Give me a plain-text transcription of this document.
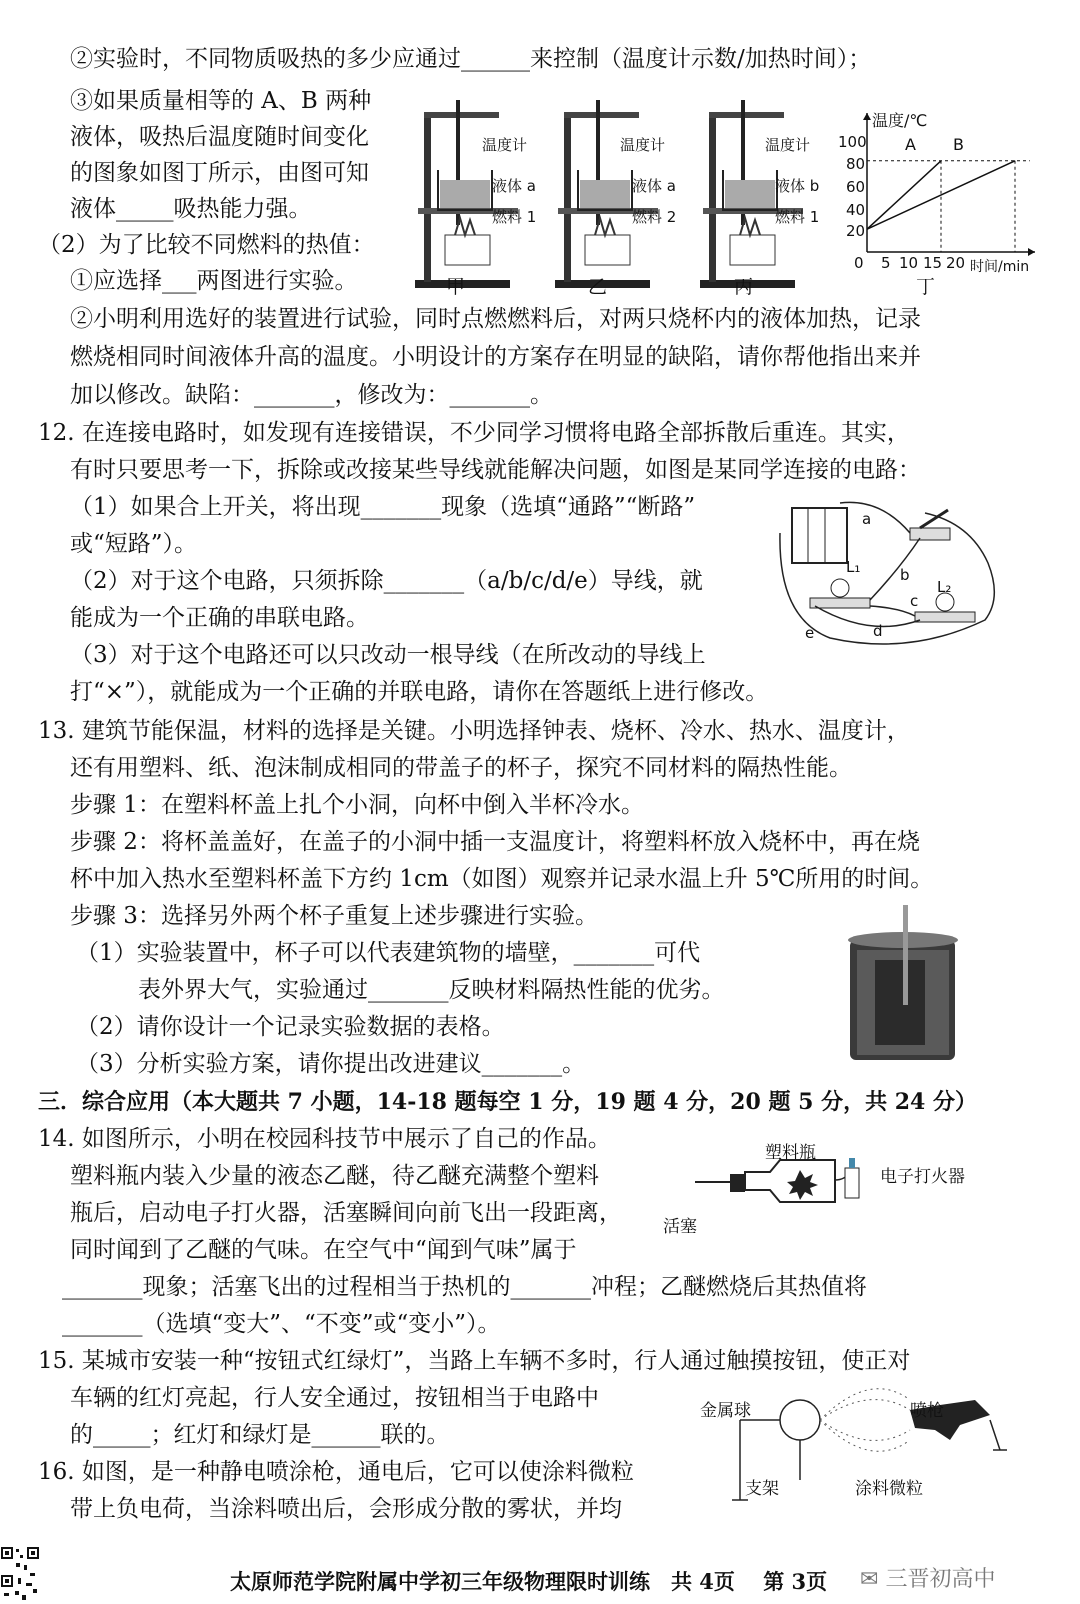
②实验时，不同物质吸热的多少应通过______来控制（温度计示数/加热时间）；
③如果质量相等的 A、B 两种
液体，吸热后温度随时间变化
的图象如图丁所示，由图可知
液体_____吸热能力强。
（2）为了比较不同燃料的热值：
①应选择___两图进行实验。
②小明利用选好的装置进行试验，同时点燃燃料后，对两只烧杯内的液体加热，记录
燃烧相同时间液体升高的温度。小明设计的方案存在明显的缺陷，请你帮他指出来并
加以修改。缺陷：_______，修改为：_______。
12. 在连接电路时，如发现有连接错误，不少同学习惯将电路全部拆散后重连。其实，
有时只要思考一下，拆除或改接某些导线就能解决问题，如图是某同学连接的电路：
（1）如果合上开关，将出现_______现象（选填“通路”“断路”
或“短路”）。
（2）对于这个电路，只须拆除_______（a/b/c/d/e）导线，就
能成为一个正确的串联电路。
（3）对于这个电路还可以只改动一根导线（在所改动的导线上
打“×”），就能成为一个正确的并联电路，请你在答题纸上进行修改。
13. 建筑节能保温，材料的选择是关键。小明选择钟表、烧杯、冷水、热水、温度计，
还有用塑料、纸、泡沫制成相同的带盖子的杯子，探究不同材料的隔热性能。
步骤 1：在塑料杯盖上扎个小洞，向杯中倒入半杯冷水。
步骤 2：将杯盖盖好，在盖子的小洞中插一支温度计，将塑料杯放入烧杯中，再在烧
杯中加入热水至塑料杯盖下方约 1cm（如图）观察并记录水温上升 5℃所用的时间。
步骤 3：选择另外两个杯子重复上述步骤进行实验。
（1）实验装置中，杯子可以代表建筑物的墙壁，_______可代
表外界大气，实验通过_______反映材料隔热性能的优劣。
（2）请你设计一个记录实验数据的表格。
（3）分析实验方案，请你提出改进建议_______。
三．综合应用（本大题共 7 小题，14-18 题每空 1 分，19 题 4 分，20 题 5 分，共 24 分）
14. 如图所示，小明在校园科技节中展示了自己的作品。
塑料瓶内装入少量的液态乙醚，待乙醚充满整个塑料
瓶后，启动电子打火器，活塞瞬间向前飞出一段距离，
同时闻到了乙醚的气味。在空气中“闻到气味”属于
_______现象；活塞飞出的过程相当于热机的_______冲程；乙醚燃烧后其热值将
_______（选填“变大”、“不变”或“变小”）。
15. 某城市安装一种“按钮式红绿灯”，当路上车辆不多时，行人通过触摸按钮，使正对
车辆的红灯亮起，行人安全通过，按钮相当于电路中
的_____；红灯和绿灯是______联的。
16. 如图，是一种静电喷涂枪，通电后，它可以使涂料微粒
带上负电荷，当涂料喷出后，会形成分散的雾状，并均
温度计
液体 a
燃料 1
温度计
液体 a
燃料 2
温度计
液体 b
燃料 1
甲	乙	丙
温度/℃
A B
100
80
60
40
20
0 5 10 15 20 时间/min
丁
a
b
c
d
e
L₁
L₂
塑料瓶
电子打火器
活塞
金属球	喷枪
支架	涂料微粒
太原师范学院附属中学初三年级物理限时训练　共 4页　 第 3页 ✉ 三晋初高中
